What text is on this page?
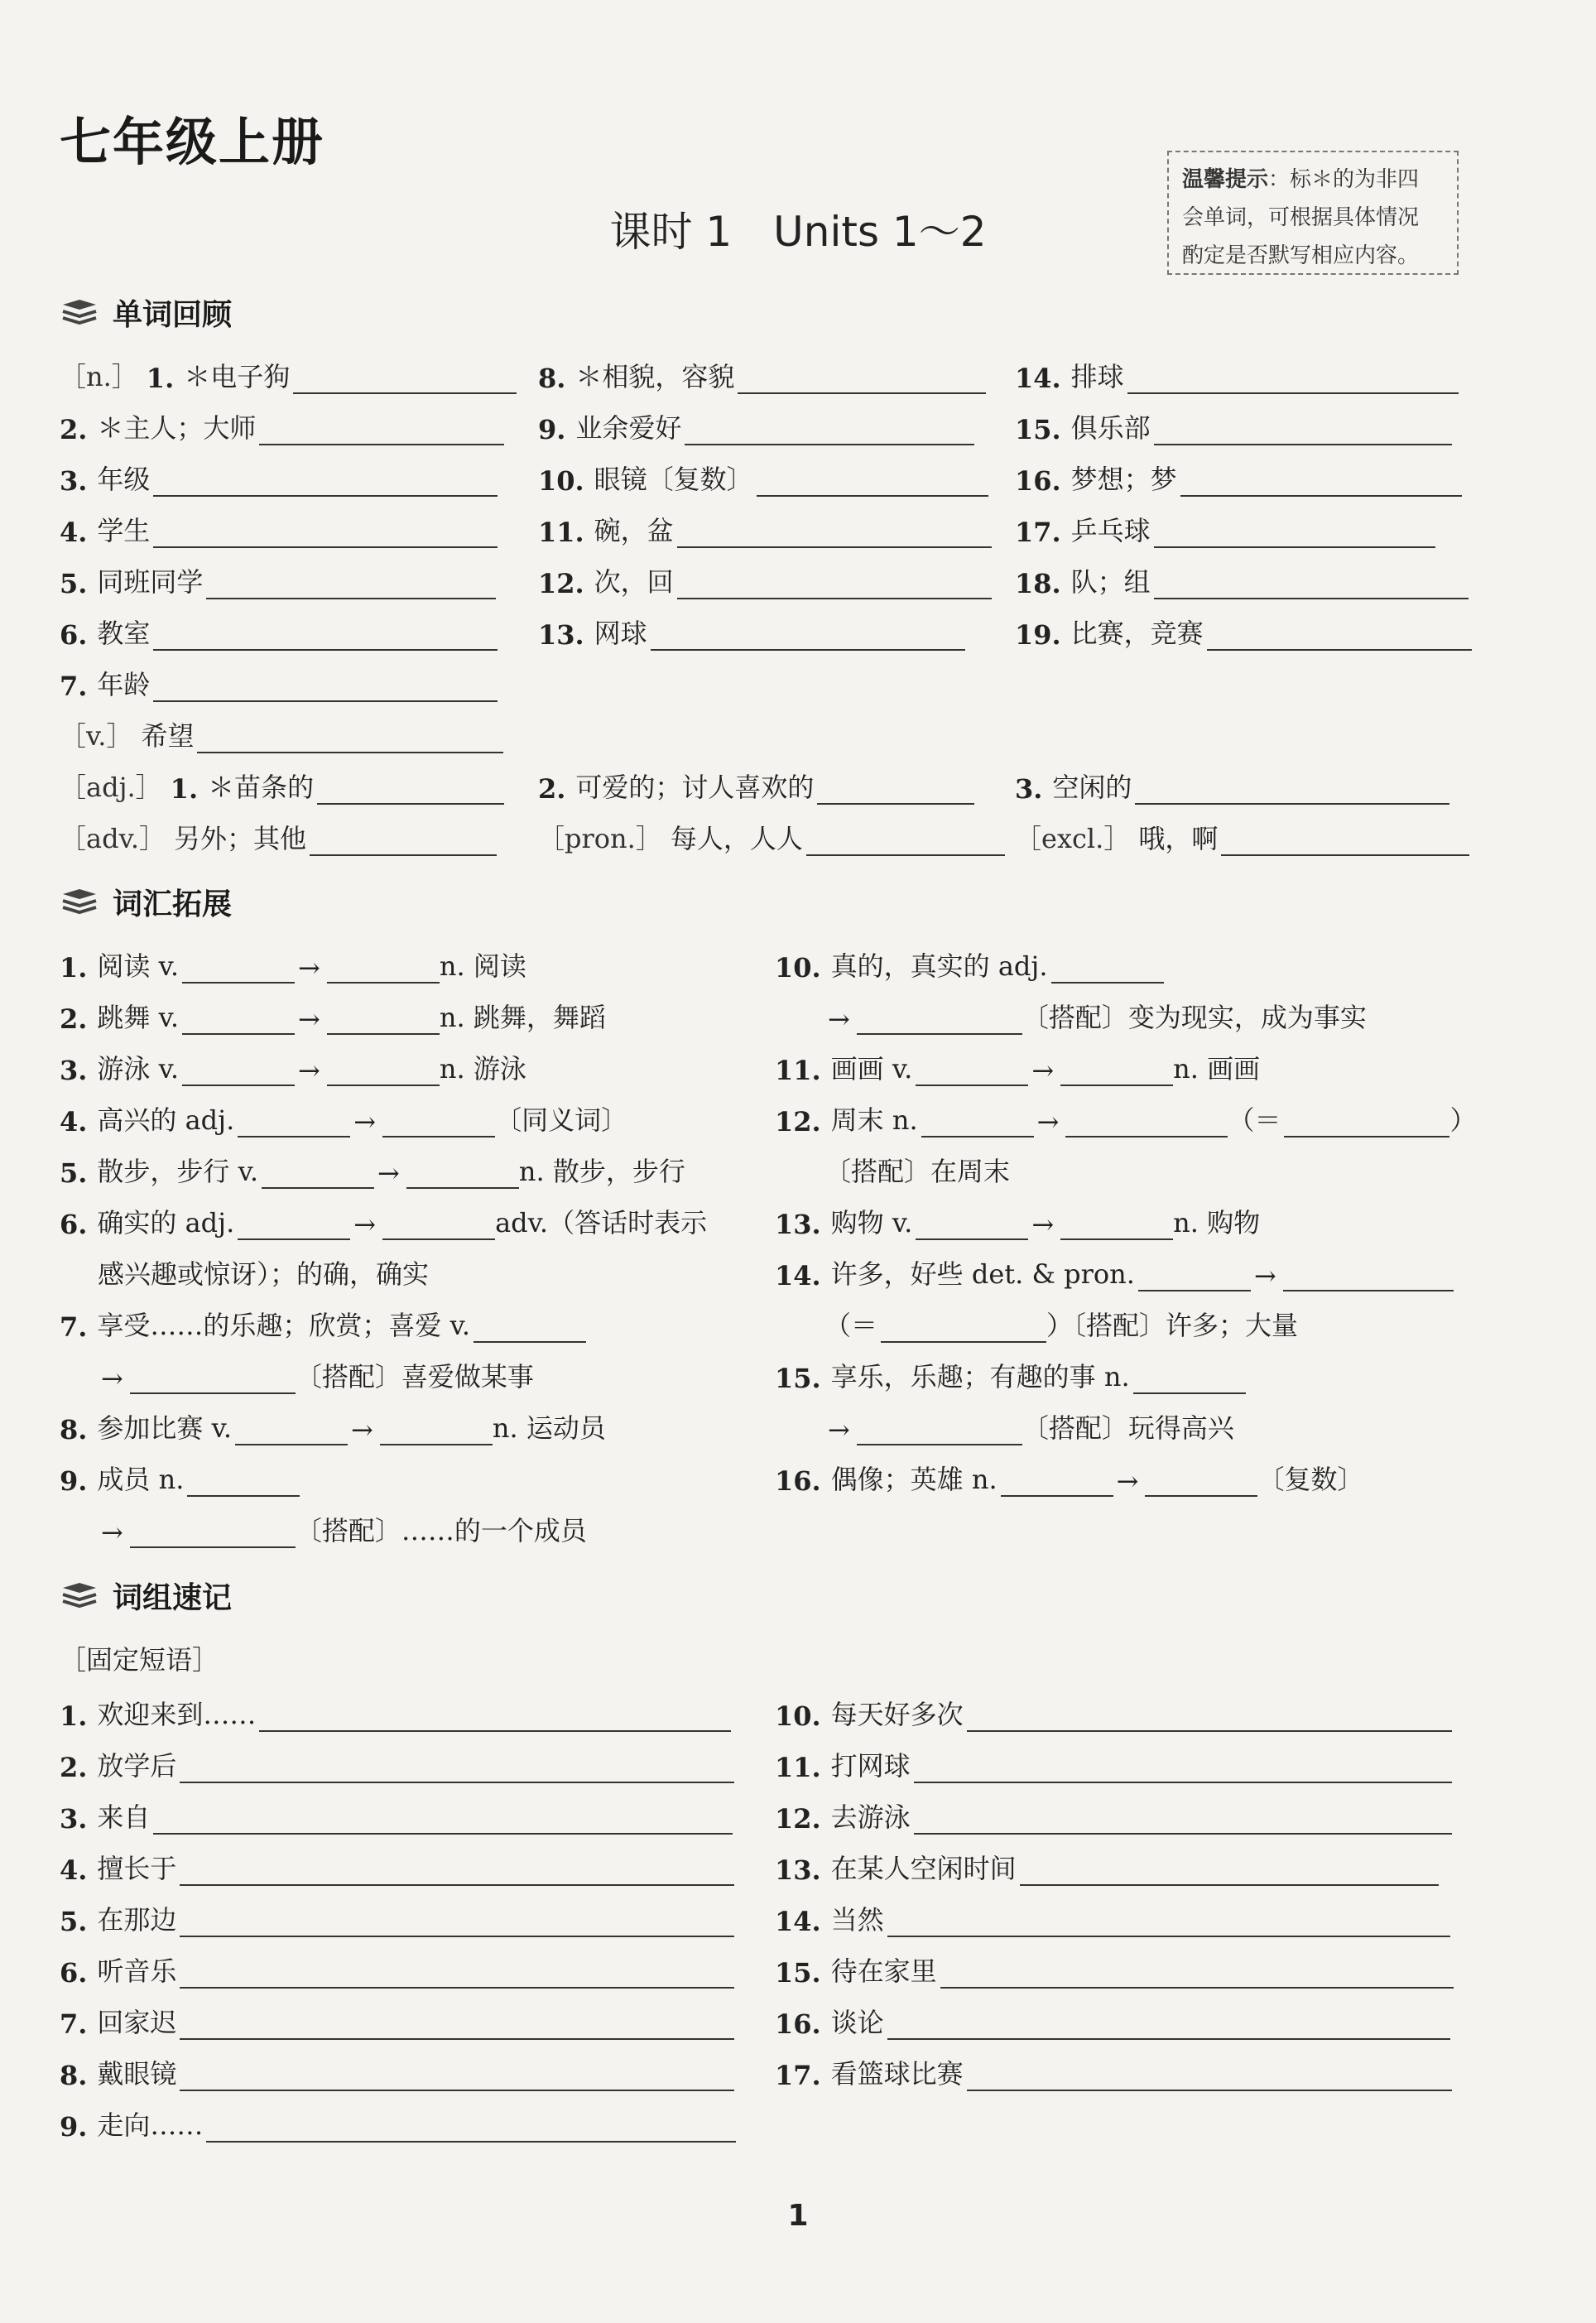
七年级上册
课时 1 Units 1～2
温馨提示：标＊的为非四
会单词，可根据具体情况
酌定是否默写相应内容。
单词回顾
［n.］ 1. ＊电子狗
2. ＊主人；大师
3. 年级
4. 学生
5. 同班同学
6. 教室
7. 年龄
［v.］ 希望
8. ＊相貌，容貌
9. 业余爱好
10. 眼镜〔复数〕
11. 碗，盆
12. 次，回
13. 网球
14. 排球
15. 俱乐部
16. 梦想；梦
17. 乒乓球
18. 队；组
19. 比赛，竞赛
［adj.］ 1. ＊苗条的	2. 可爱的；讨人喜欢的	3. 空闲的
［adv.］ 另外；其他	［pron.］ 每人，人人	［excl.］ 哦，啊
词汇拓展
1. 阅读 v.	→	n. 阅读
2. 跳舞 v.	→	n. 跳舞，舞蹈
3. 游泳 v.	→	n. 游泳
4. 高兴的 adj.	→	〔同义词〕
5. 散步，步行 v.	→	n. 散步，步行
6. 确实的 adj.	→	adv.（答话时表示
感兴趣或惊讶）；的确，确实
7. 享受……的乐趣；欣赏；喜爱 v.
→	〔搭配〕喜爱做某事
8. 参加比赛 v.	→	n. 运动员
9. 成员 n.
→	〔搭配〕……的一个成员
10. 真的，真实的 adj.
→	〔搭配〕变为现实，成为事实
11. 画画 v.	→	n. 画画
12. 周末 n.	→	（＝	）
〔搭配〕在周末
13. 购物 v.	→	n. 购物
14. 许多，好些 det. & pron.	→
（＝	）〔搭配〕许多；大量
15. 享乐，乐趣；有趣的事 n.
→	〔搭配〕玩得高兴
16. 偶像；英雄 n.	→	〔复数〕
词组速记
［固定短语］
1. 欢迎来到……
2. 放学后
3. 来自
4. 擅长于
5. 在那边
6. 听音乐
7. 回家迟
8. 戴眼镜
9. 走向……
10. 每天好多次
11. 打网球
12. 去游泳
13. 在某人空闲时间
14. 当然
15. 待在家里
16. 谈论
17. 看篮球比赛
1
